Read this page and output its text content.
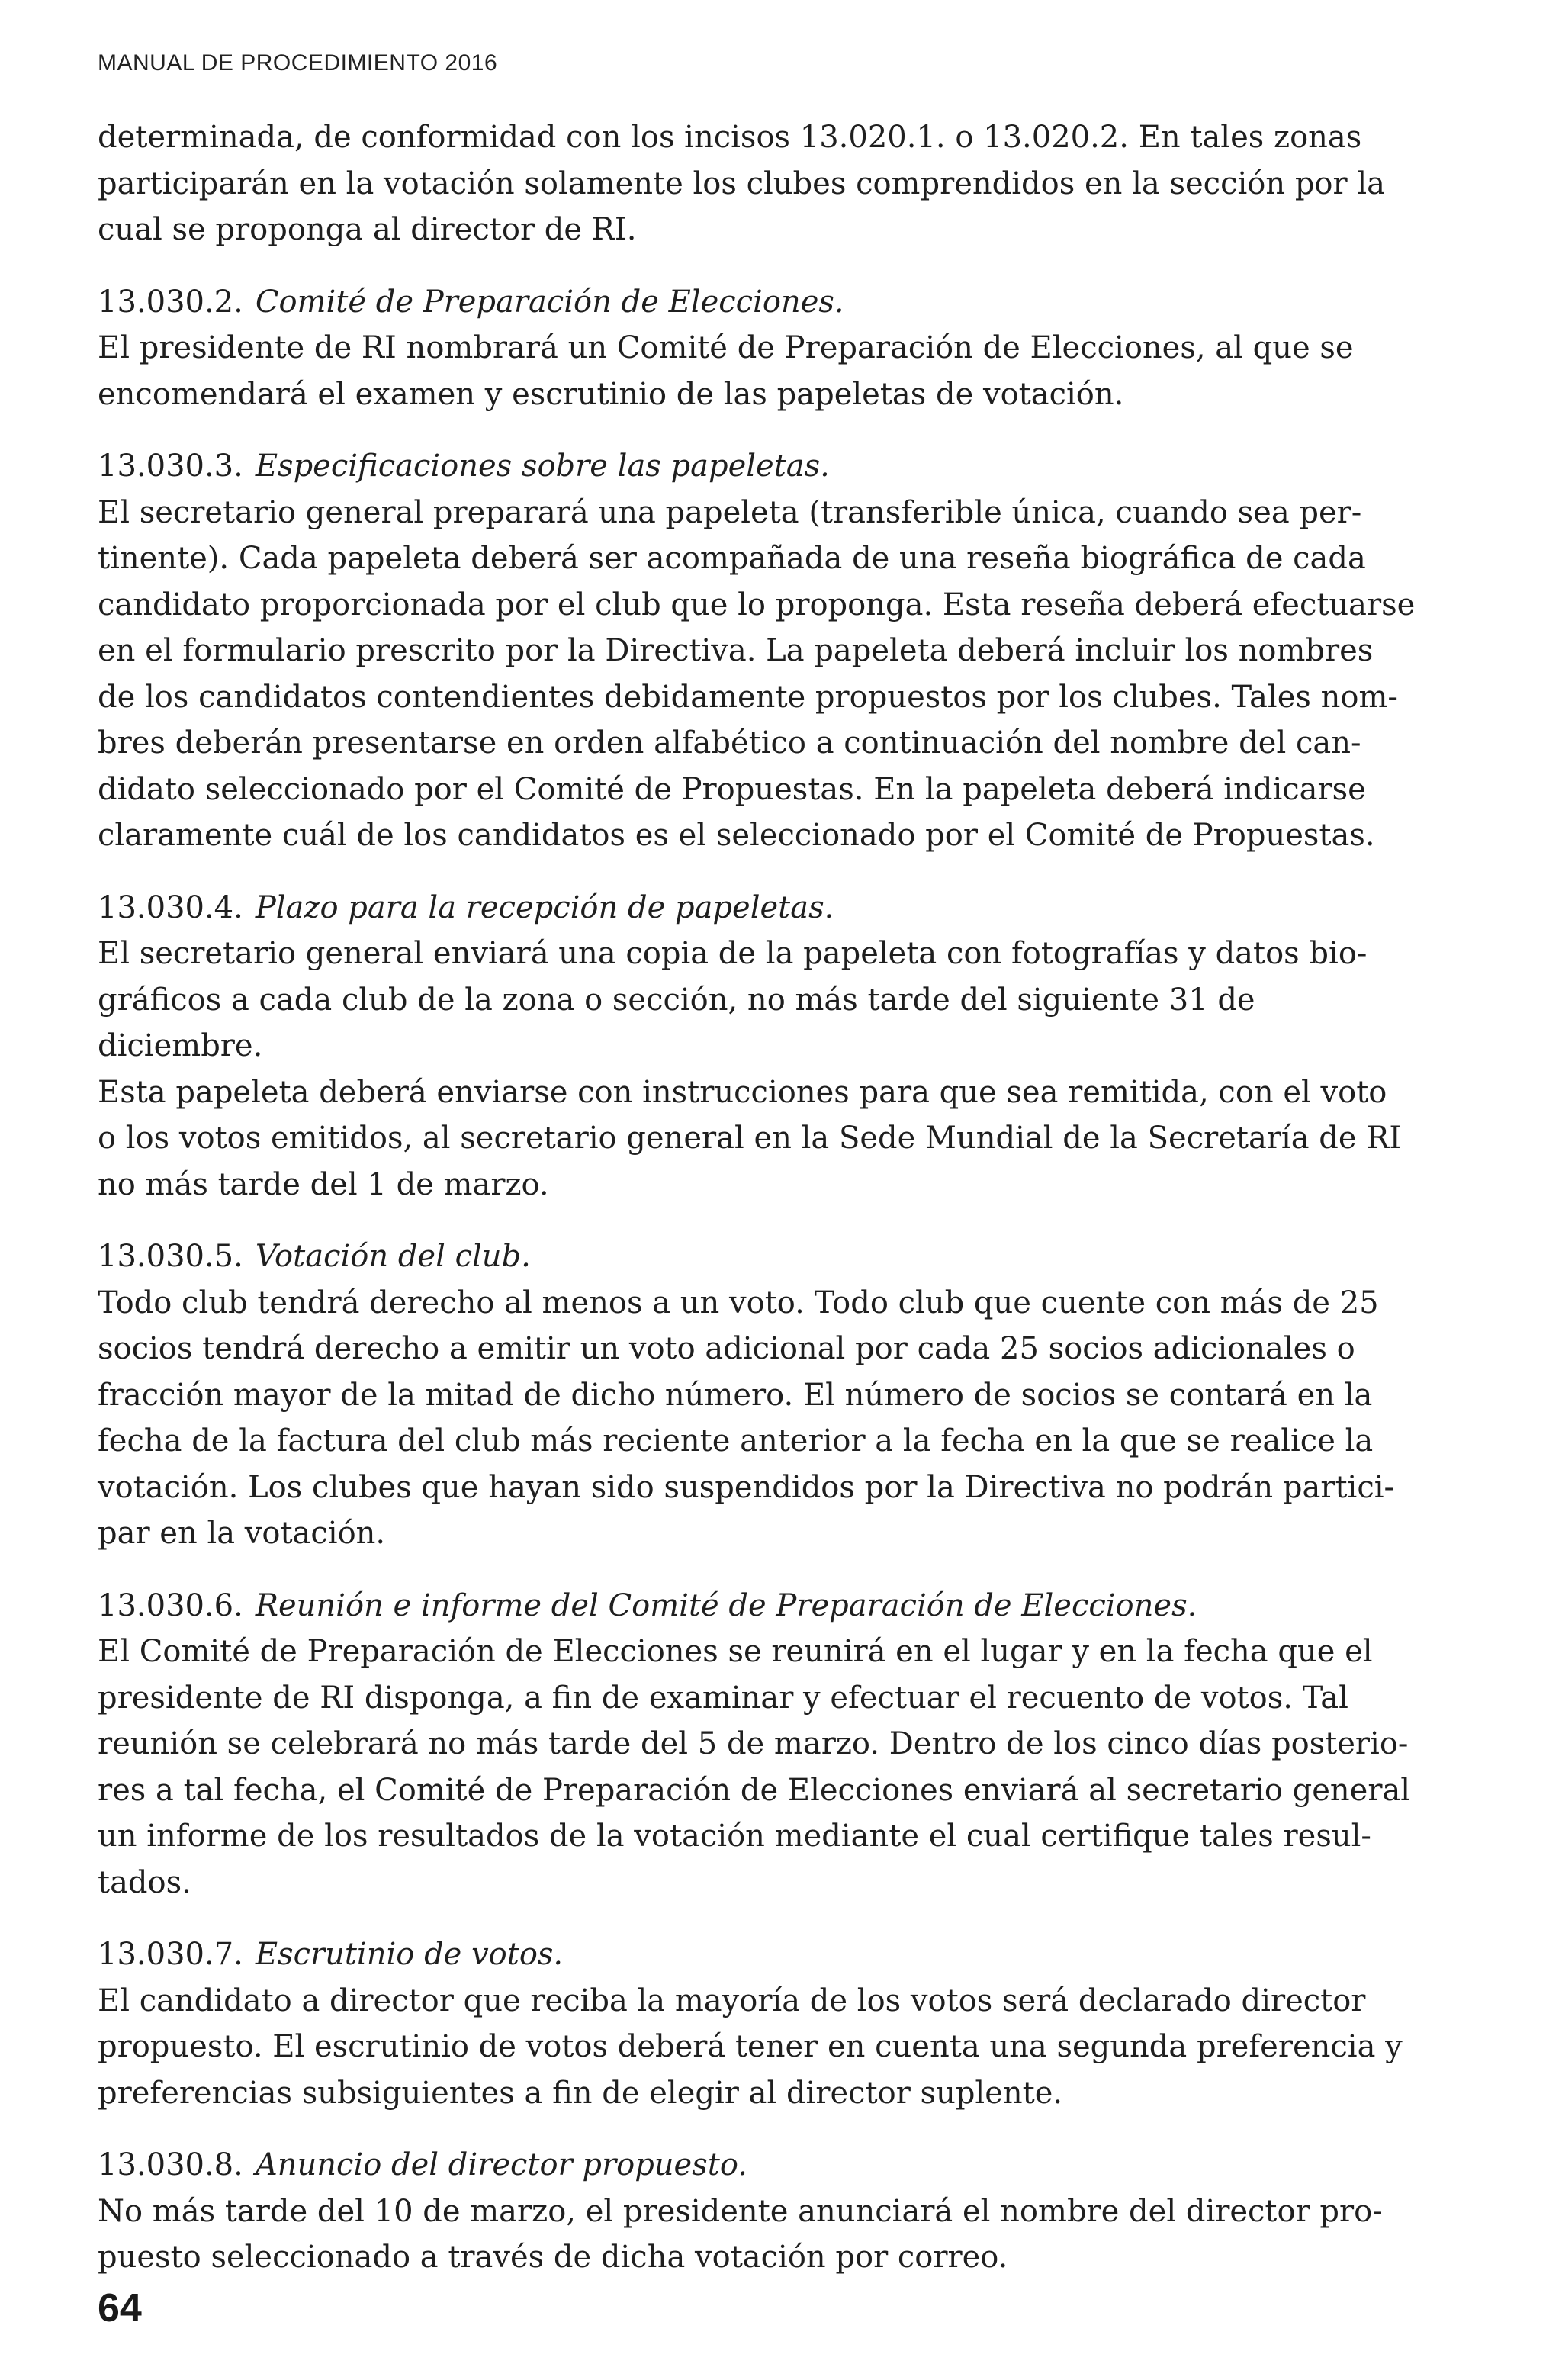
MANUAL DE PROCEDIMIENTO 2016
determinada, de conformidad con los incisos 13.020.1. o 13.020.2. En tales zonas
participarán en la votación solamente los clubes comprendidos en la sección por la
cual se proponga al director de RI.
13.030.2. Comité de Preparación de Elecciones.
El presidente de RI nombrará un Comité de Preparación de Elecciones, al que se
encomendará el examen y escrutinio de las papeletas de votación.
13.030.3. Especificaciones sobre las papeletas.
El secretario general preparará una papeleta (transferible única, cuando sea per-
tinente). Cada papeleta deberá ser acompañada de una reseña biográfica de cada
candidato proporcionada por el club que lo proponga. Esta reseña deberá efectuarse
en el formulario prescrito por la Directiva. La papeleta deberá incluir los nombres
de los candidatos contendientes debidamente propuestos por los clubes. Tales nom-
bres deberán presentarse en orden alfabético a continuación del nombre del can-
didato seleccionado por el Comité de Propuestas. En la papeleta deberá indicarse
claramente cuál de los candidatos es el seleccionado por el Comité de Propuestas.
13.030.4. Plazo para la recepción de papeletas.
El secretario general enviará una copia de la papeleta con fotografías y datos bio-
gráficos a cada club de la zona o sección, no más tarde del siguiente 31 de diciembre.
Esta papeleta deberá enviarse con instrucciones para que sea remitida, con el voto
o los votos emitidos, al secretario general en la Sede Mundial de la Secretaría de RI
no más tarde del 1 de marzo.
13.030.5. Votación del club.
Todo club tendrá derecho al menos a un voto. Todo club que cuente con más de 25
socios tendrá derecho a emitir un voto adicional por cada 25 socios adicionales o
fracción mayor de la mitad de dicho número. El número de socios se contará en la
fecha de la factura del club más reciente anterior a la fecha en la que se realice la
votación. Los clubes que hayan sido suspendidos por la Directiva no podrán partici-
par en la votación.
13.030.6. Reunión e informe del Comité de Preparación de Elecciones.
El Comité de Preparación de Elecciones se reunirá en el lugar y en la fecha que el
presidente de RI disponga, a fin de examinar y efectuar el recuento de votos. Tal
reunión se celebrará no más tarde del 5 de marzo. Dentro de los cinco días posterio-
res a tal fecha, el Comité de Preparación de Elecciones enviará al secretario general
un informe de los resultados de la votación mediante el cual certifique tales resul-
tados.
13.030.7. Escrutinio de votos.
El candidato a director que reciba la mayoría de los votos será declarado director
propuesto. El escrutinio de votos deberá tener en cuenta una segunda preferencia y
preferencias subsiguientes a fin de elegir al director suplente.
13.030.8. Anuncio del director propuesto.
No más tarde del 10 de marzo, el presidente anunciará el nombre del director pro-
puesto seleccionado a través de dicha votación por correo.
64
